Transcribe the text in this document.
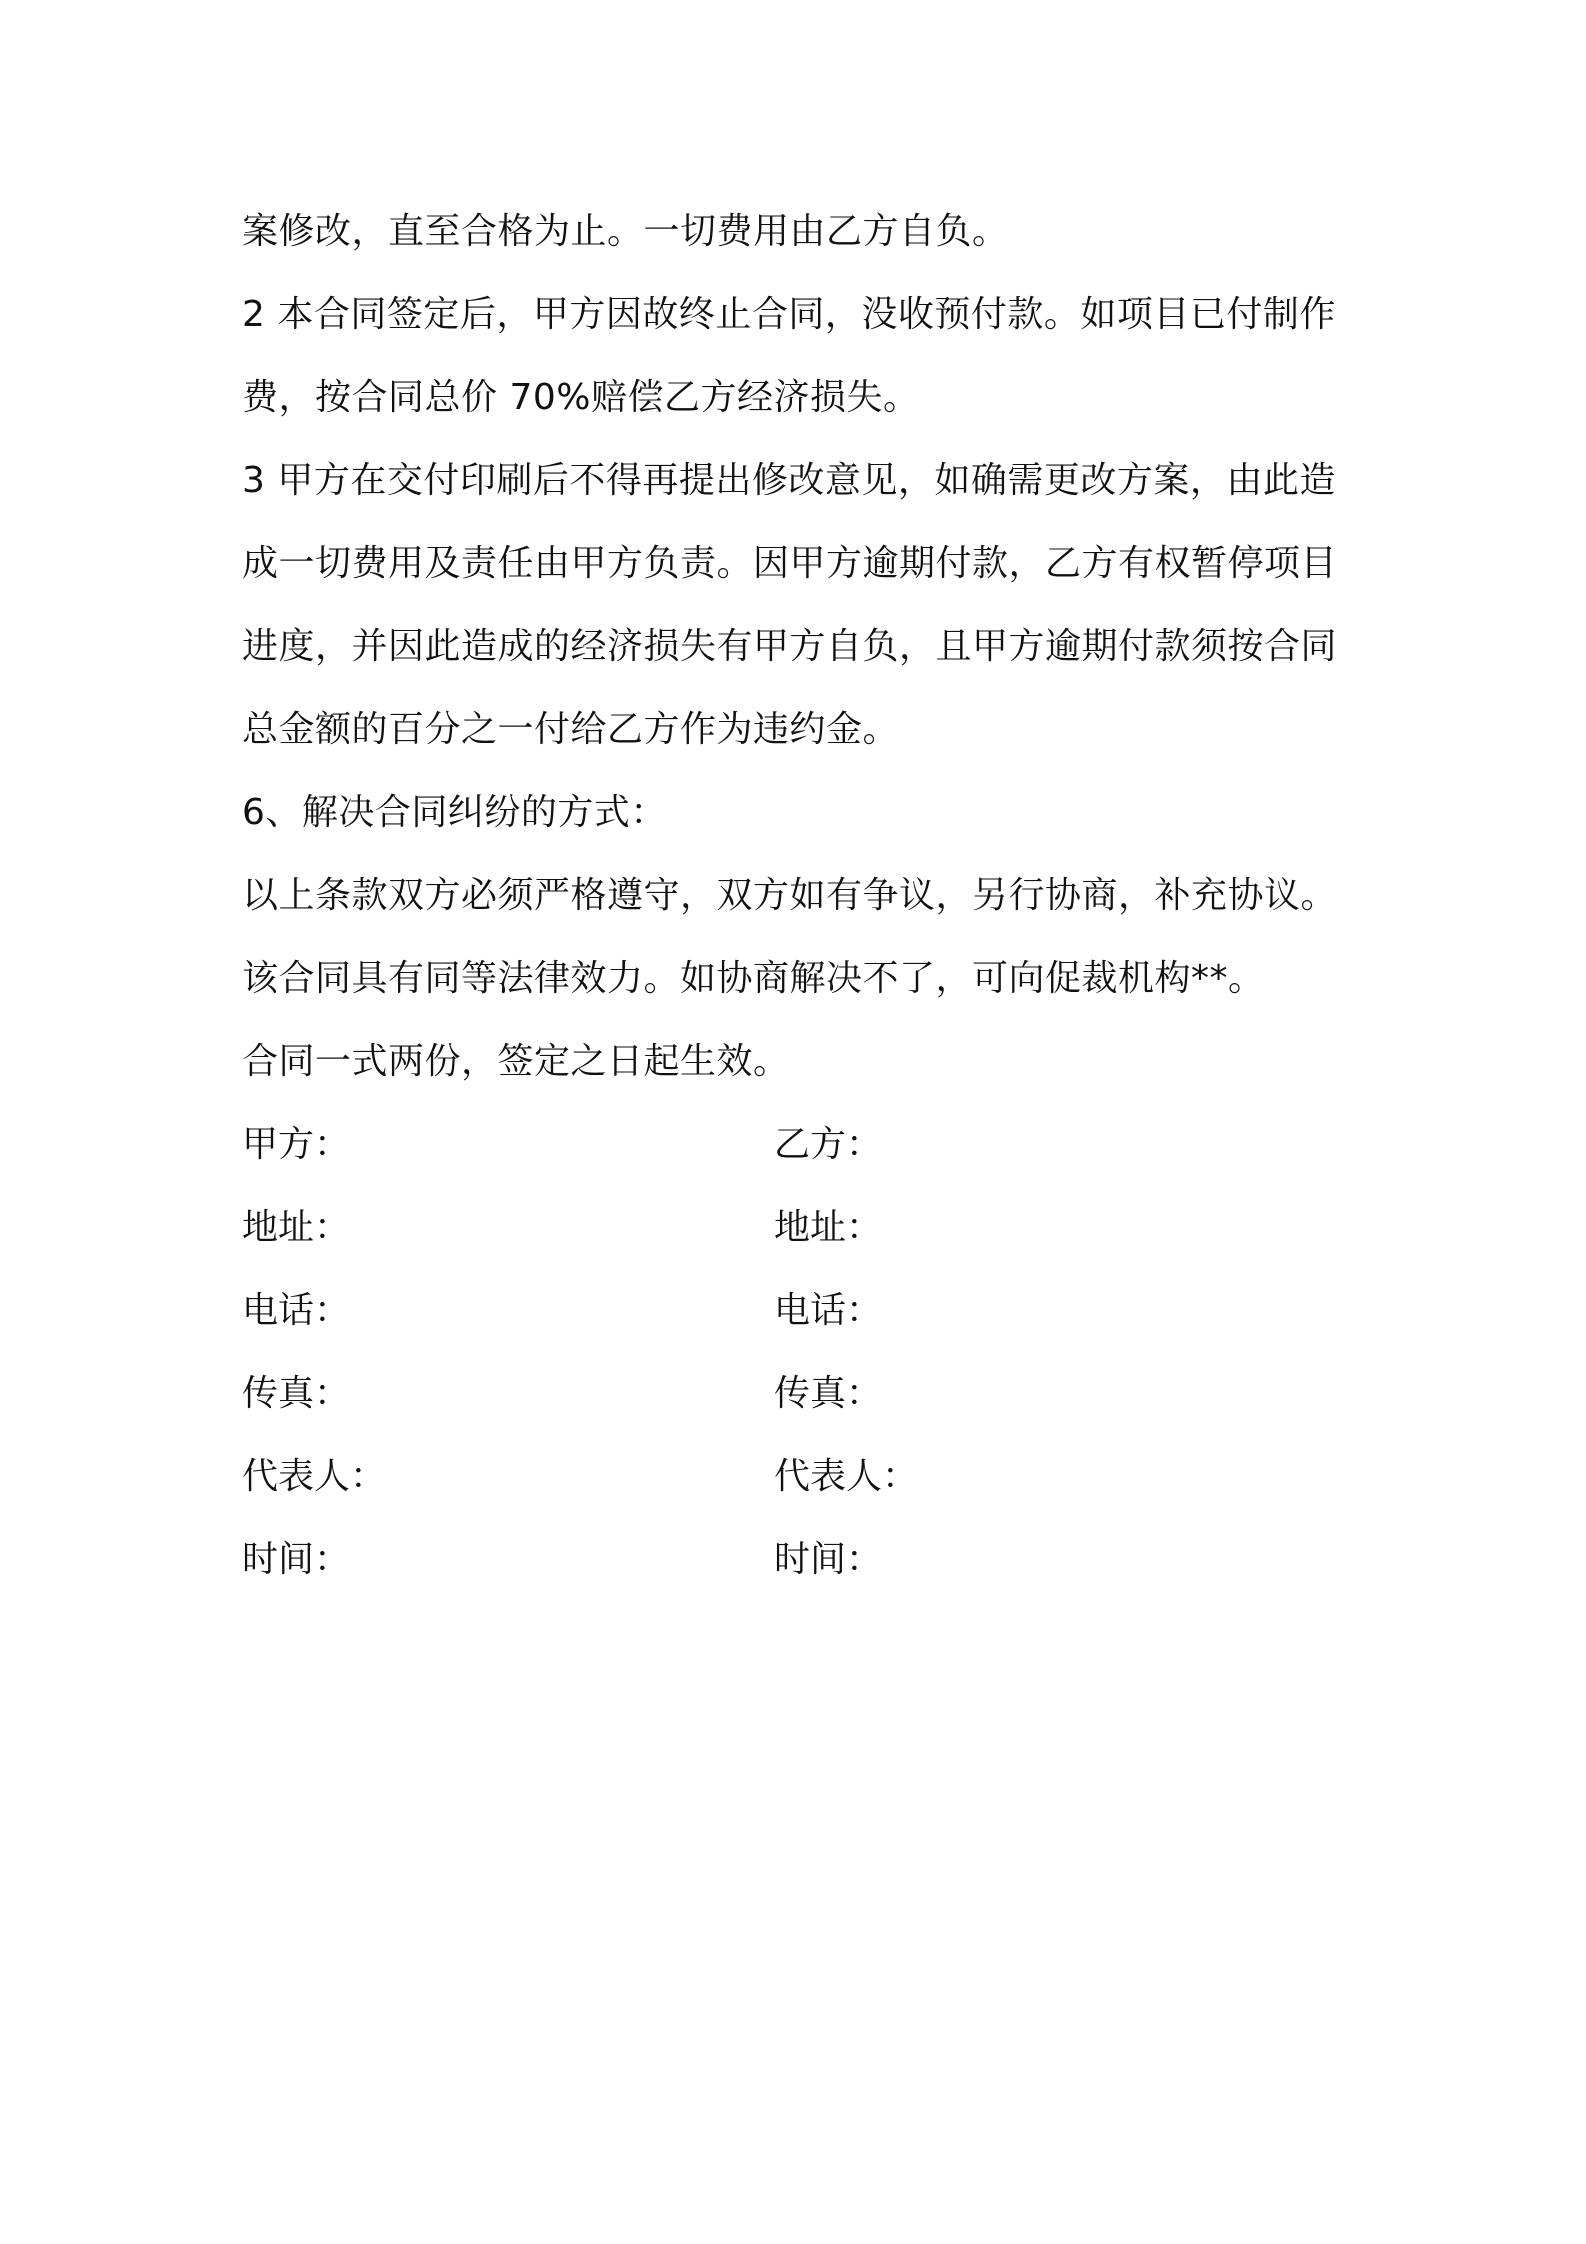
案修改，直至合格为止。一切费用由乙方自负。
2 本合同签定后，甲方因故终止合同，没收预付款。如项目已付制作
费，按合同总价 70%赔偿乙方经济损失。
3 甲方在交付印刷后不得再提出修改意见，如确需更改方案，由此造
成一切费用及责任由甲方负责。因甲方逾期付款，乙方有权暂停项目
进度，并因此造成的经济损失有甲方自负，且甲方逾期付款须按合同
总金额的百分之一付给乙方作为违约金。
6、解决合同纠纷的方式：
以上条款双方必须严格遵守，双方如有争议，另行协商，补充协议。
该合同具有同等法律效力。如协商解决不了，可向促裁机构**。
合同一式两份，签定之日起生效。
甲方：	乙方：
地址：	地址：
电话：	电话：
传真：	传真：
代表人：	代表人：
时间：	时间：
